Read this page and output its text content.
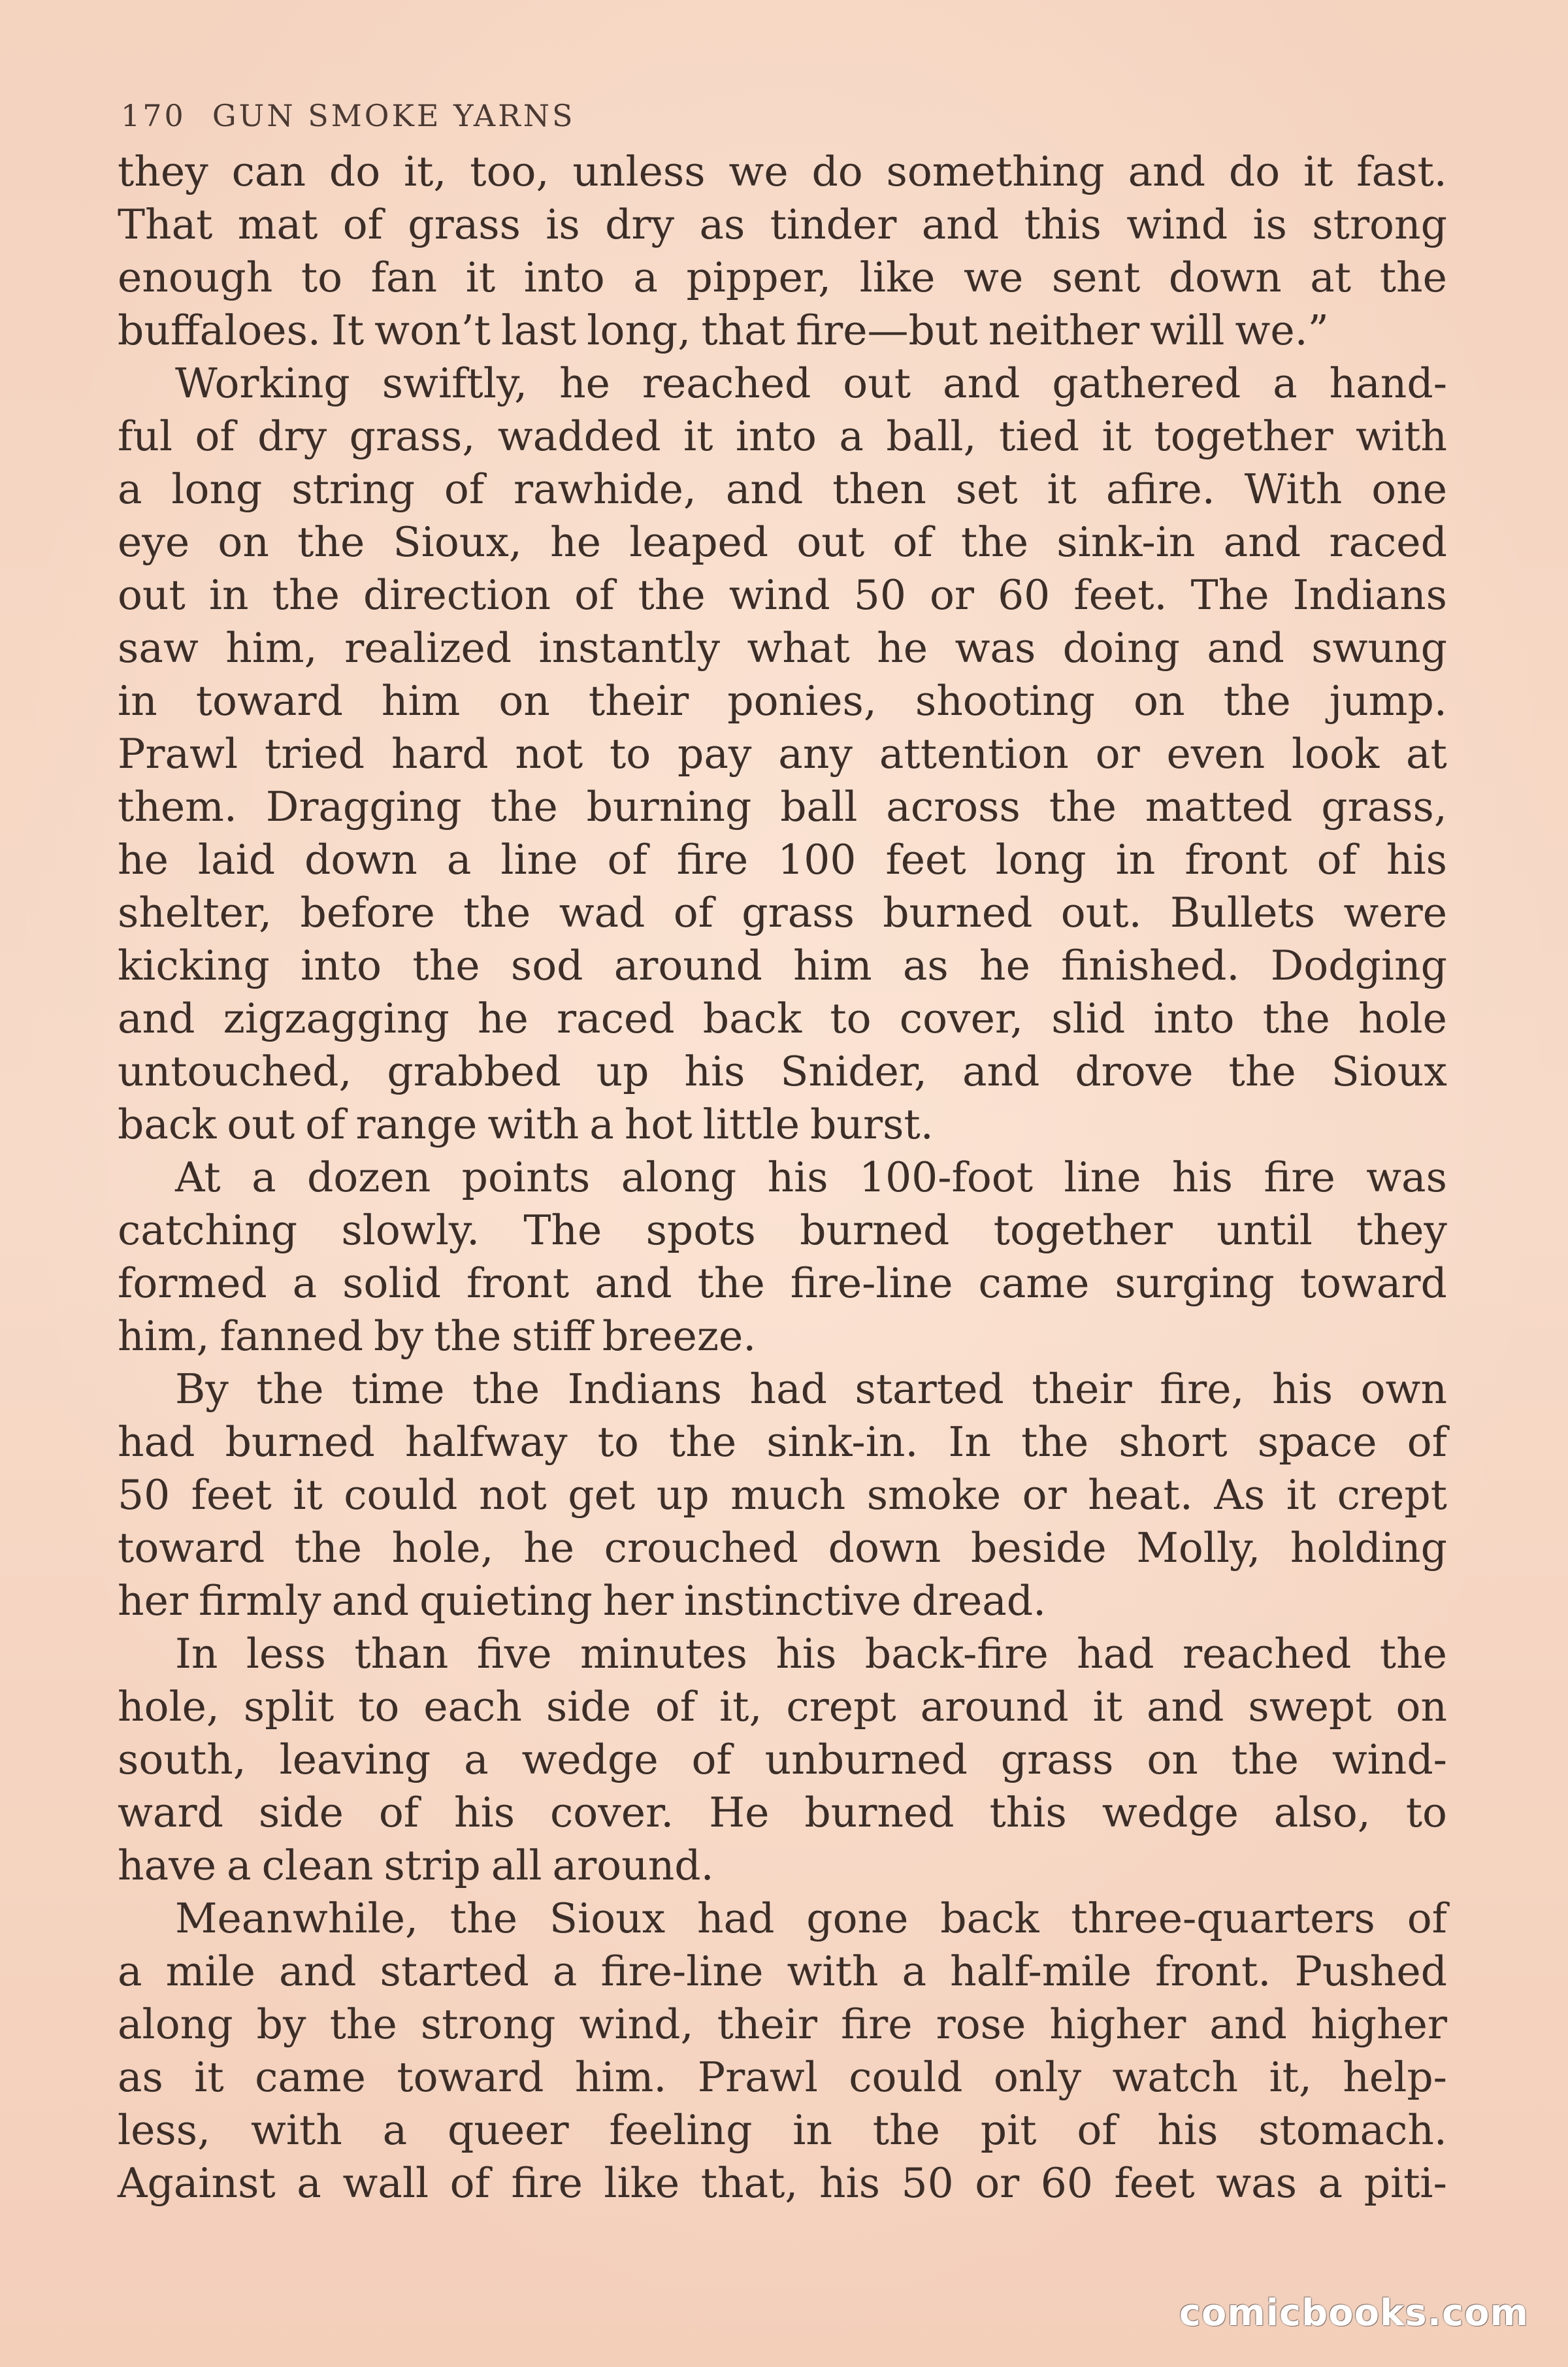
170 GUN SMOKE YARNS
they can do it, too, unless we do something and do it fast.
That mat of grass is dry as tinder and this wind is strong
enough to fan it into a pipper, like we sent down at the
buffaloes. It won’t last long, that fire—but neither will we.”
Working swiftly, he reached out and gathered a hand-
ful of dry grass, wadded it into a ball, tied it together with
a long string of rawhide, and then set it afire. With one
eye on the Sioux, he leaped out of the sink-in and raced
out in the direction of the wind 50 or 60 feet. The Indians
saw him, realized instantly what he was doing and swung
in toward him on their ponies, shooting on the jump.
Prawl tried hard not to pay any attention or even look at
them. Dragging the burning ball across the matted grass,
he laid down a line of fire 100 feet long in front of his
shelter, before the wad of grass burned out. Bullets were
kicking into the sod around him as he finished. Dodging
and zigzagging he raced back to cover, slid into the hole
untouched, grabbed up his Snider, and drove the Sioux
back out of range with a hot little burst.
At a dozen points along his 100-foot line his fire was
catching slowly. The spots burned together until they
formed a solid front and the fire-line came surging toward
him, fanned by the stiff breeze.
By the time the Indians had started their fire, his own
had burned halfway to the sink-in. In the short space of
50 feet it could not get up much smoke or heat. As it crept
toward the hole, he crouched down beside Molly, holding
her firmly and quieting her instinctive dread.
In less than five minutes his back-fire had reached the
hole, split to each side of it, crept around it and swept on
south, leaving a wedge of unburned grass on the wind-
ward side of his cover. He burned this wedge also, to
have a clean strip all around.
Meanwhile, the Sioux had gone back three-quarters of
a mile and started a fire-line with a half-mile front. Pushed
along by the strong wind, their fire rose higher and higher
as it came toward him. Prawl could only watch it, help-
less, with a queer feeling in the pit of his stomach.
Against a wall of fire like that, his 50 or 60 feet was a piti-
comicbooks.com
